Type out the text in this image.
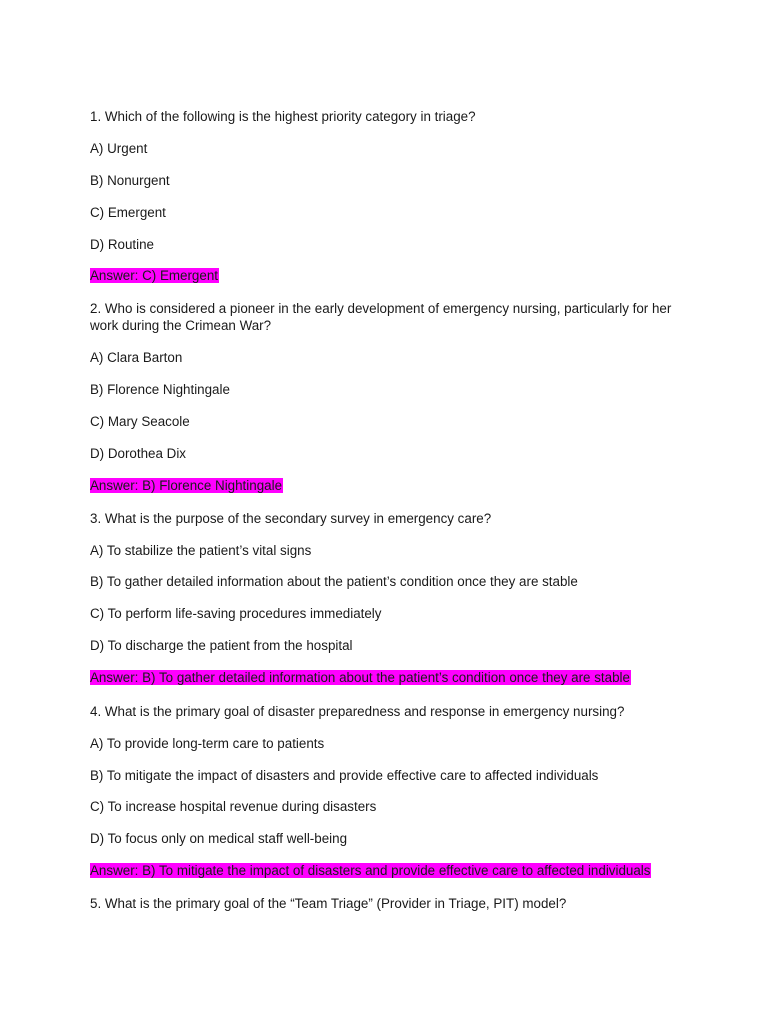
1. Which of the following is the highest priority category in triage?

A) Urgent

B) Nonurgent

C) Emergent

D) Routine

Answer: C) Emergent

2. Who is considered a pioneer in the early development of emergency nursing, particularly for her work during the Crimean War?

A) Clara Barton

B) Florence Nightingale

C) Mary Seacole

D) Dorothea Dix

Answer: B) Florence Nightingale

3. What is the purpose of the secondary survey in emergency care?

A) To stabilize the patient’s vital signs

B) To gather detailed information about the patient’s condition once they are stable

C) To perform life-saving procedures immediately

D) To discharge the patient from the hospital

Answer: B) To gather detailed information about the patient’s condition once they are stable

4. What is the primary goal of disaster preparedness and response in emergency nursing?

A) To provide long-term care to patients

B) To mitigate the impact of disasters and provide effective care to affected individuals

C) To increase hospital revenue during disasters

D) To focus only on medical staff well-being

Answer: B) To mitigate the impact of disasters and provide effective care to affected individuals

5. What is the primary goal of the “Team Triage” (Provider in Triage, PIT) model?
